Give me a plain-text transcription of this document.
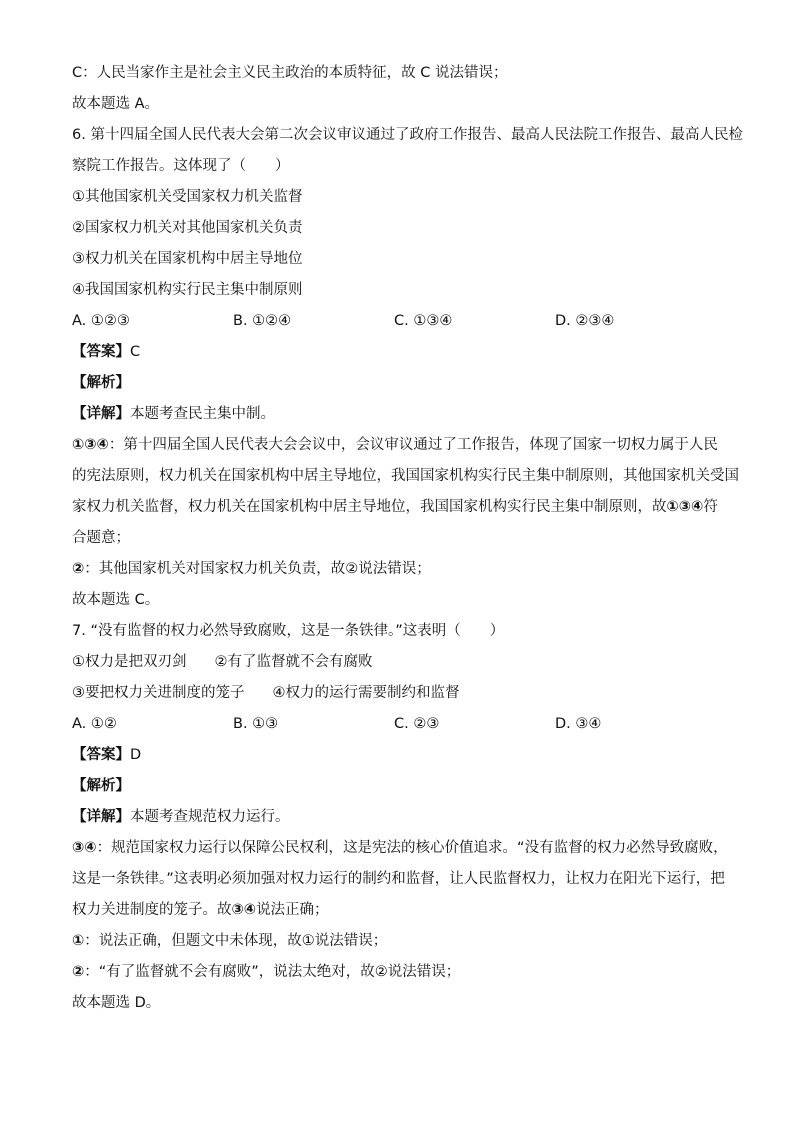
C：人民当家作主是社会主义民主政治的本质特征，故 C 说法错误；
故本题选 A。
6. 第十四届全国人民代表大会第二次会议审议通过了政府工作报告、最高人民法院工作报告、最高人民检
察院工作报告。这体现了（　　）
①其他国家机关受国家权力机关监督
②国家权力机关对其他国家机关负责
③权力机关在国家机构中居主导地位
④我国国家机构实行民主集中制原则
A. ①②③	B. ①②④	C. ①③④	D. ②③④
【答案】C
【解析】
【详解】本题考查民主集中制。
①③④：第十四届全国人民代表大会会议中，会议审议通过了工作报告，体现了国家一切权力属于人民
的宪法原则，权力机关在国家机构中居主导地位，我国国家机构实行民主集中制原则，其他国家机关受国
家权力机关监督，权力机关在国家机构中居主导地位，我国国家机构实行民主集中制原则，故①③④符
合题意；
②：其他国家机关对国家权力机关负责，故②说法错误；
故本题选 C。
7. “没有监督的权力必然导致腐败，这是一条铁律。”这表明（　　）
①权力是把双刃剑 ②有了监督就不会有腐败
③要把权力关进制度的笼子 ④权力的运行需要制约和监督
A. ①②	B. ①③	C. ②③	D. ③④
【答案】D
【解析】
【详解】本题考查规范权力运行。
③④：规范国家权力运行以保障公民权利，这是宪法的核心价值追求。“没有监督的权力必然导致腐败，
这是一条铁律。”这表明必须加强对权力运行的制约和监督，让人民监督权力，让权力在阳光下运行，把
权力关进制度的笼子。故③④说法正确；
①：说法正确，但题文中未体现，故①说法错误；
②：“有了监督就不会有腐败”，说法太绝对，故②说法错误；
故本题选 D。
